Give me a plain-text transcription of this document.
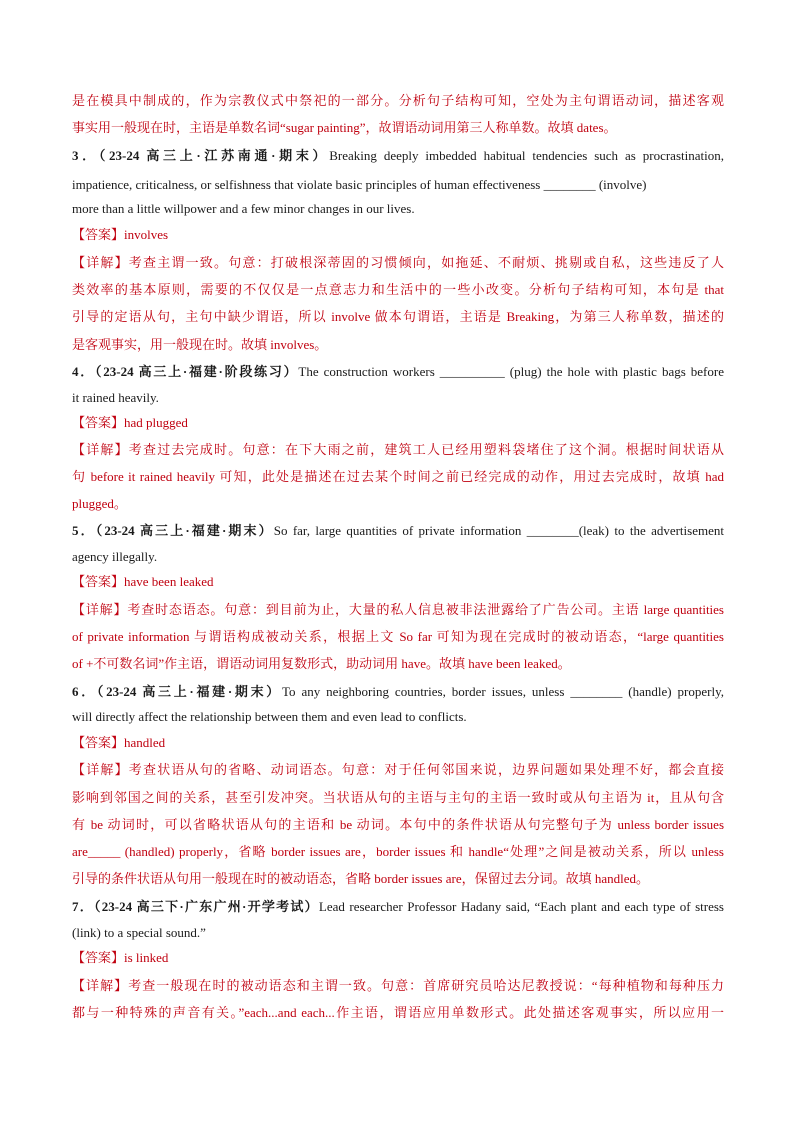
是在模具中制成的，作为宗教仪式中祭祀的一部分。分析句子结构可知，空处为主句谓语动词，描述客观
事实用一般现在时，主语是单数名词“sugar painting”，故谓语动词用第三人称单数。故填 dates。
3．（23-24 高三上·江苏南通·期末）Breaking deeply imbedded habitual tendencies such as procrastination,
impatience, criticalness, or selfishness that violate basic principles of human effectiveness ________ (involve)
more than a little willpower and a few minor changes in our lives.
【答案】involves
【详解】考查主谓一致。句意：打破根深蒂固的习惯倾向，如拖延、不耐烦、挑剔或自私，这些违反了人
类效率的基本原则，需要的不仅仅是一点意志力和生活中的一些小改变。分析句子结构可知，本句是 that
引导的定语从句，主句中缺少谓语，所以 involve 做本句谓语，主语是 Breaking，为第三人称单数，描述的
是客观事实，用一般现在时。故填 involves。
4．（23-24 高三上·福建·阶段练习）The construction workers __________ (plug) the hole with plastic bags before
it rained heavily.
【答案】had plugged
【详解】考查过去完成时。句意：在下大雨之前，建筑工人已经用塑料袋堵住了这个洞。根据时间状语从
句 before it rained heavily 可知，此处是描述在过去某个时间之前已经完成的动作，用过去完成时，故填 had
plugged。
5．（23-24 高三上·福建·期末）So far, large quantities of private information ________(leak) to the advertisement
agency illegally.
【答案】have been leaked
【详解】考查时态语态。句意：到目前为止，大量的私人信息被非法泄露给了广告公司。主语 large quantities
of private information 与谓语构成被动关系，根据上文 So far 可知为现在完成时的被动语态，“large quantities
of +不可数名词”作主语，谓语动词用复数形式，助动词用 have。故填 have been leaked。
6．（23-24 高三上·福建·期末）To any neighboring countries, border issues, unless ________ (handle) properly,
will directly affect the relationship between them and even lead to conflicts.
【答案】handled
【详解】考查状语从句的省略、动词语态。句意：对于任何邻国来说，边界问题如果处理不好，都会直接
影响到邻国之间的关系，甚至引发冲突。当状语从句的主语与主句的主语一致时或从句主语为 it，且从句含
有 be 动词时，可以省略状语从句的主语和 be 动词。本句中的条件状语从句完整句子为 unless border issues
are_____ (handled) properly，省略 border issues are，border issues 和 handle“处理”之间是被动关系，所以 unless
引导的条件状语从句用一般现在时的被动语态，省略 border issues are，保留过去分词。故填 handled。
7．（23-24 高三下·广东广州·开学考试）Lead researcher Professor Hadany said, “Each plant and each type of stress
(link) to a special sound.”
【答案】is linked
【详解】考查一般现在时的被动语态和主谓一致。句意：首席研究员哈达尼教授说：“每种植物和每种压力
都与一种特殊的声音有关。”each...and each...作主语，谓语应用单数形式。此处描述客观事实，所以应用一
